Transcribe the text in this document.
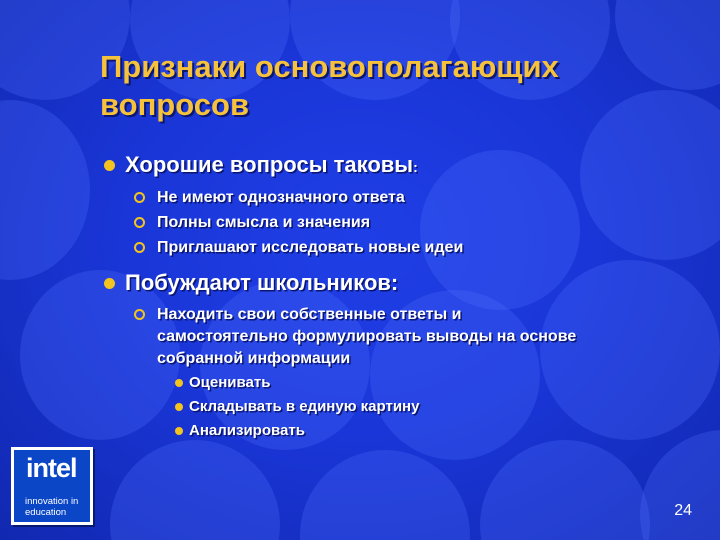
Признаки основополагающих вопросов
Хорошие вопросы таковы:
Не имеют однозначного ответа
Полны смысла и значения
Приглашают исследовать новые идеи
Побуждают школьников:
Находить свои собственные ответы и
самостоятельно формулировать выводы на основе
собранной информации
Оценивать
Складывать в единую картину
Анализировать
intel
innovation in
education	24
